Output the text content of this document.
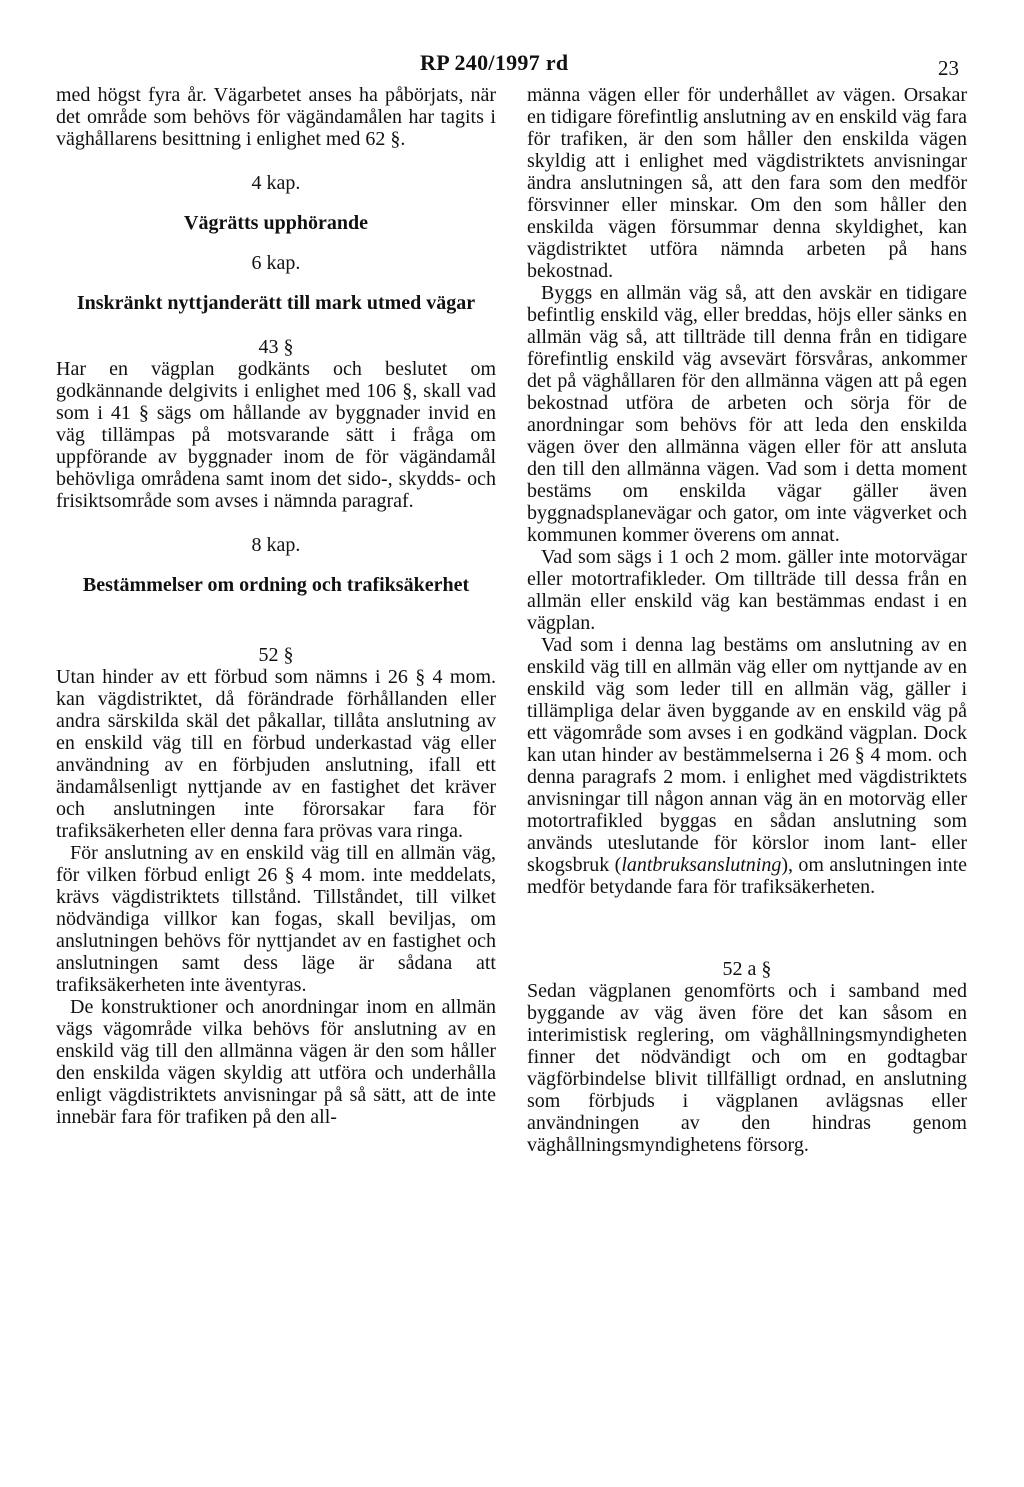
RP 240/1997 rd	23

med högst fyra år. Vägarbetet anses ha påbörjats, när det område som behövs för vägändamålen har tagits i väghållarens besittning i enlighet med 62 §.

4 kap.
Vägrätts upphörande
6 kap.
Inskränkt nyttjanderätt till mark utmed vägar
43 §

Har en vägplan godkänts och beslutet om godkännande delgivits i enlighet med 106 §, skall vad som i 41 § sägs om hållande av byggnader invid en väg tillämpas på motsvarande sätt i fråga om uppförande av byggnader inom de för vägändamål behövliga områdena samt inom det sido-, skydds- och frisiktsområde som avses i nämnda paragraf.

8 kap.
Bestämmelser om ordning och trafiksäkerhet
52 §

Utan hinder av ett förbud som nämns i 26 § 4 mom. kan vägdistriktet, då förändrade förhållanden eller andra särskilda skäl det påkallar, tillåta anslutning av en enskild väg till en förbud underkastad väg eller användning av en förbjuden anslutning, ifall ett ändamålsenligt nyttjande av en fastighet det kräver och anslutningen inte förorsakar fara för trafiksäkerheten eller denna fara prövas vara ringa.

För anslutning av en enskild väg till en allmän väg, för vilken förbud enligt 26 § 4 mom. inte meddelats, krävs vägdistriktets tillstånd. Tillståndet, till vilket nödvändiga villkor kan fogas, skall beviljas, om anslutningen behövs för nyttjandet av en fastighet och anslutningen samt dess läge är sådana att trafiksäkerheten inte äventyras.

De konstruktioner och anordningar inom en allmän vägs vägområde vilka behövs för anslutning av en enskild väg till den allmänna vägen är den som håller den enskilda vägen skyldig att utföra och underhålla enligt vägdistriktets anvisningar på så sätt, att de inte innebär fara för trafiken på den all-

männa vägen eller för underhållet av vägen. Orsakar en tidigare förefintlig anslutning av en enskild väg fara för trafiken, är den som håller den enskilda vägen skyldig att i enlighet med vägdistriktets anvisningar ändra anslutningen så, att den fara som den medför försvinner eller minskar. Om den som håller den enskilda vägen försummar denna skyldighet, kan vägdistriktet utföra nämnda arbeten på hans bekostnad.

Byggs en allmän väg så, att den avskär en tidigare befintlig enskild väg, eller breddas, höjs eller sänks en allmän väg så, att tillträde till denna från en tidigare förefintlig enskild väg avsevärt försvåras, ankommer det på väghållaren för den allmänna vägen att på egen bekostnad utföra de arbeten och sörja för de anordningar som behövs för att leda den enskilda vägen över den allmänna vägen eller för att ansluta den till den allmänna vägen. Vad som i detta moment bestäms om enskilda vägar gäller även byggnadsplanevägar och gator, om inte vägverket och kommunen kommer överens om annat.

Vad som sägs i 1 och 2 mom. gäller inte motorvägar eller motortrafikleder. Om tillträde till dessa från en allmän eller enskild väg kan bestämmas endast i en vägplan.

Vad som i denna lag bestäms om anslutning av en enskild väg till en allmän väg eller om nyttjande av en enskild väg som leder till en allmän väg, gäller i tillämpliga delar även byggande av en enskild väg på ett vägområde som avses i en godkänd vägplan. Dock kan utan hinder av bestämmelserna i 26 § 4 mom. och denna paragrafs 2 mom. i enlighet med vägdistriktets anvisningar till någon annan väg än en motorväg eller motortrafikled byggas en sådan anslutning som används uteslutande för körslor inom lant- eller skogsbruk (lantbruksanslutning), om anslutningen inte medför betydande fara för trafiksäkerheten.

52 a §

Sedan vägplanen genomförts och i samband med byggande av väg även före det kan såsom en interimistisk reglering, om väghållningsmyndigheten finner det nödvändigt och om en godtagbar vägförbindelse blivit tillfälligt ordnad, en anslutning som förbjuds i vägplanen avlägsnas eller användningen av den hindras genom väghållningsmyndighetens försorg.
